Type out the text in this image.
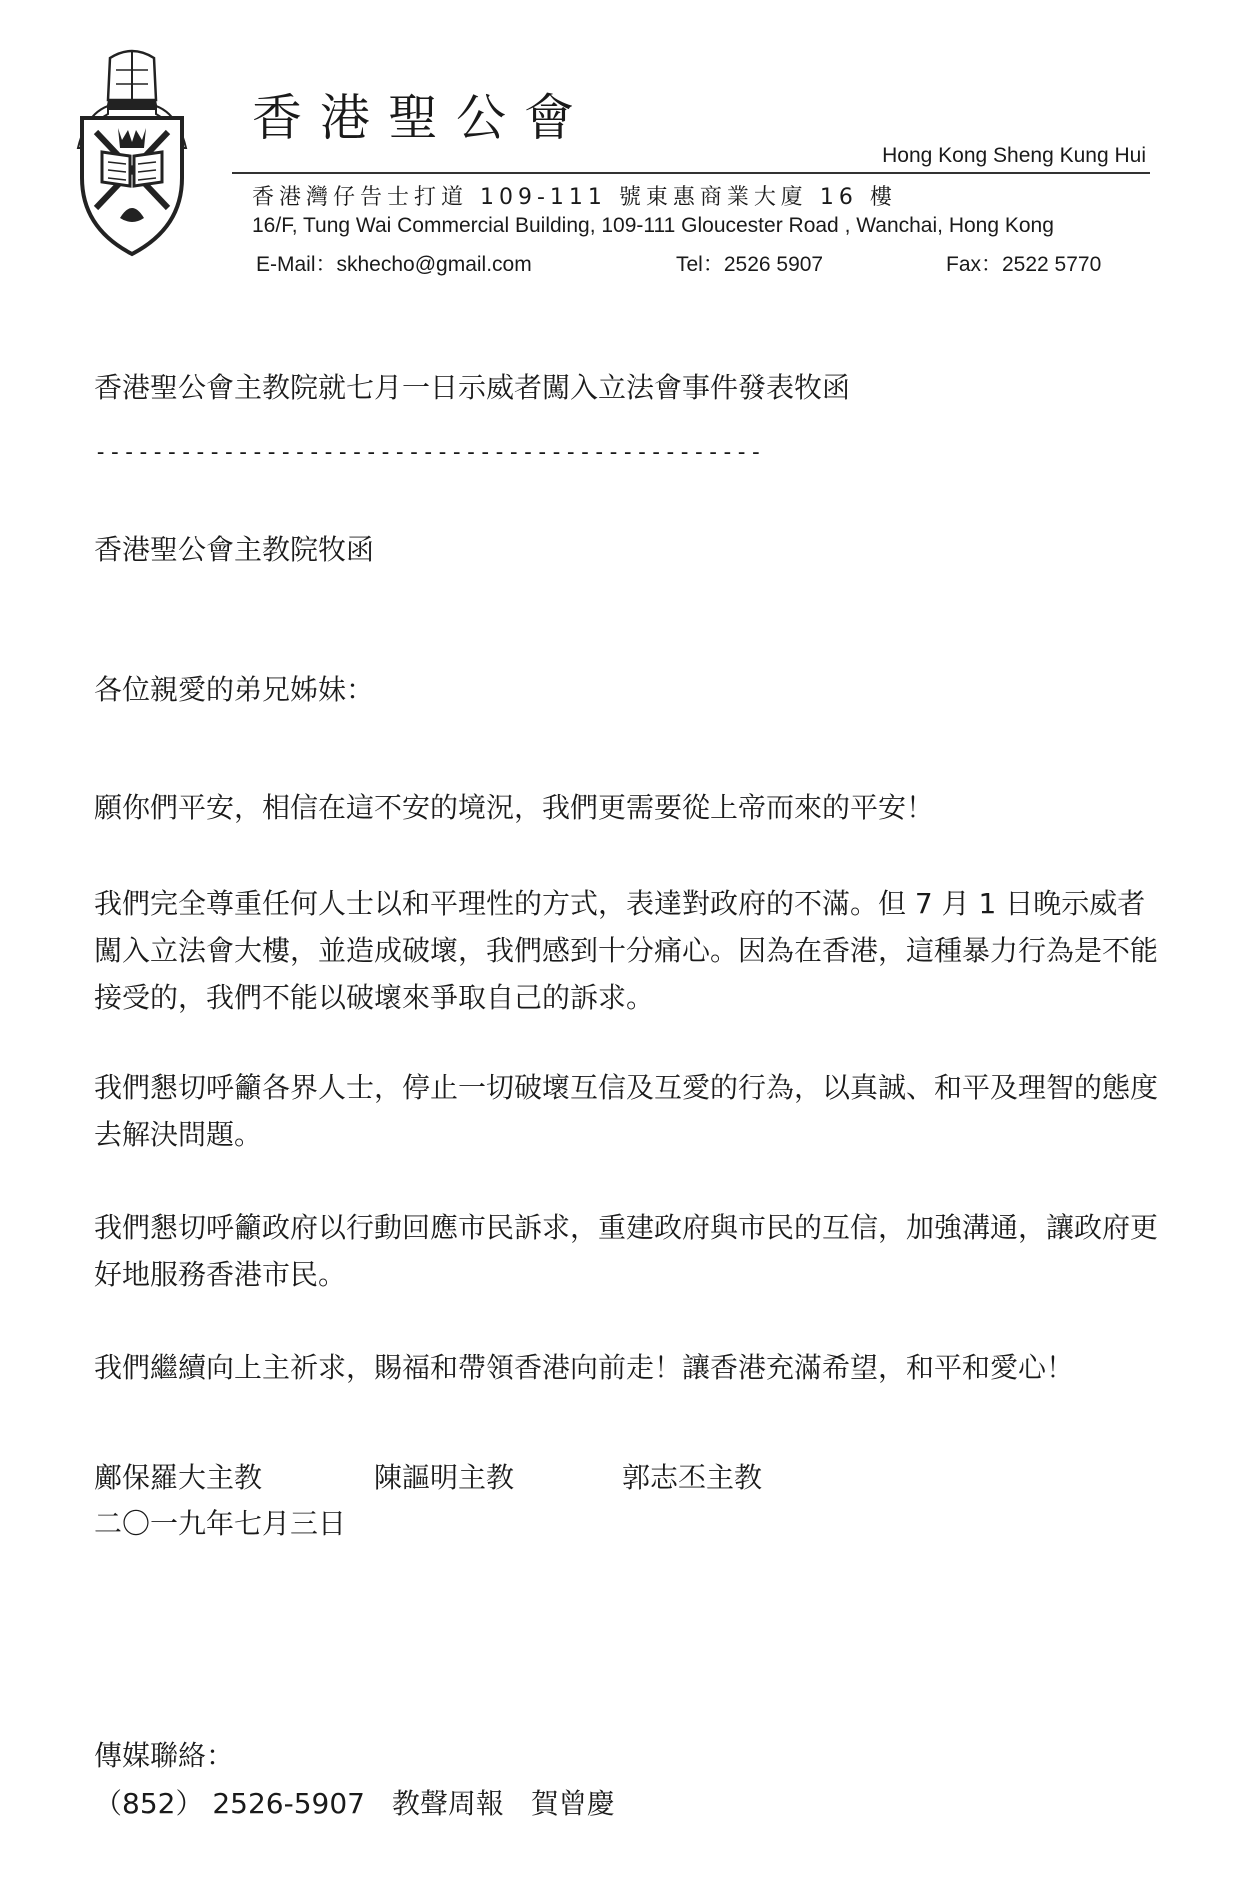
香港聖公會
Hong Kong Sheng Kung Hui
香港灣仔告士打道 109-111 號東惠商業大廈 16 樓
16/F, Tung Wai Commercial Building, 109-111 Gloucester Road , Wanchai, Hong Kong
E-Mail：skhecho@gmail.com	Tel：2526 5907	Fax：2522 5770
香港聖公會主教院就七月一日示威者闖入立法會事件發表牧函
-----------------------------------------------
香港聖公會主教院牧函
各位親愛的弟兄姊妹：

願你們平安，相信在這不安的境況，我們更需要從上帝而來的平安！

我們完全尊重任何人士以和平理性的方式，表達對政府的不滿。但 7 月 1 日晚示威者闖入立法會大樓，並造成破壞，我們感到十分痛心。因為在香港，這種暴力行為是不能接受的，我們不能以破壞來爭取自己的訴求。

我們懇切呼籲各界人士，停止一切破壞互信及互愛的行為，以真誠、和平及理智的態度去解決問題。

我們懇切呼籲政府以行動回應市民訴求，重建政府與市民的互信，加強溝通，讓政府更好地服務香港市民。

我們繼續向上主祈求，賜福和帶領香港向前走！讓香港充滿希望，和平和愛心！

鄺保羅大主教	陳謳明主教	郭志丕主教
二〇一九年七月三日
傳媒聯絡：
（852） 2526-5907 教聲周報 賀曾慶
